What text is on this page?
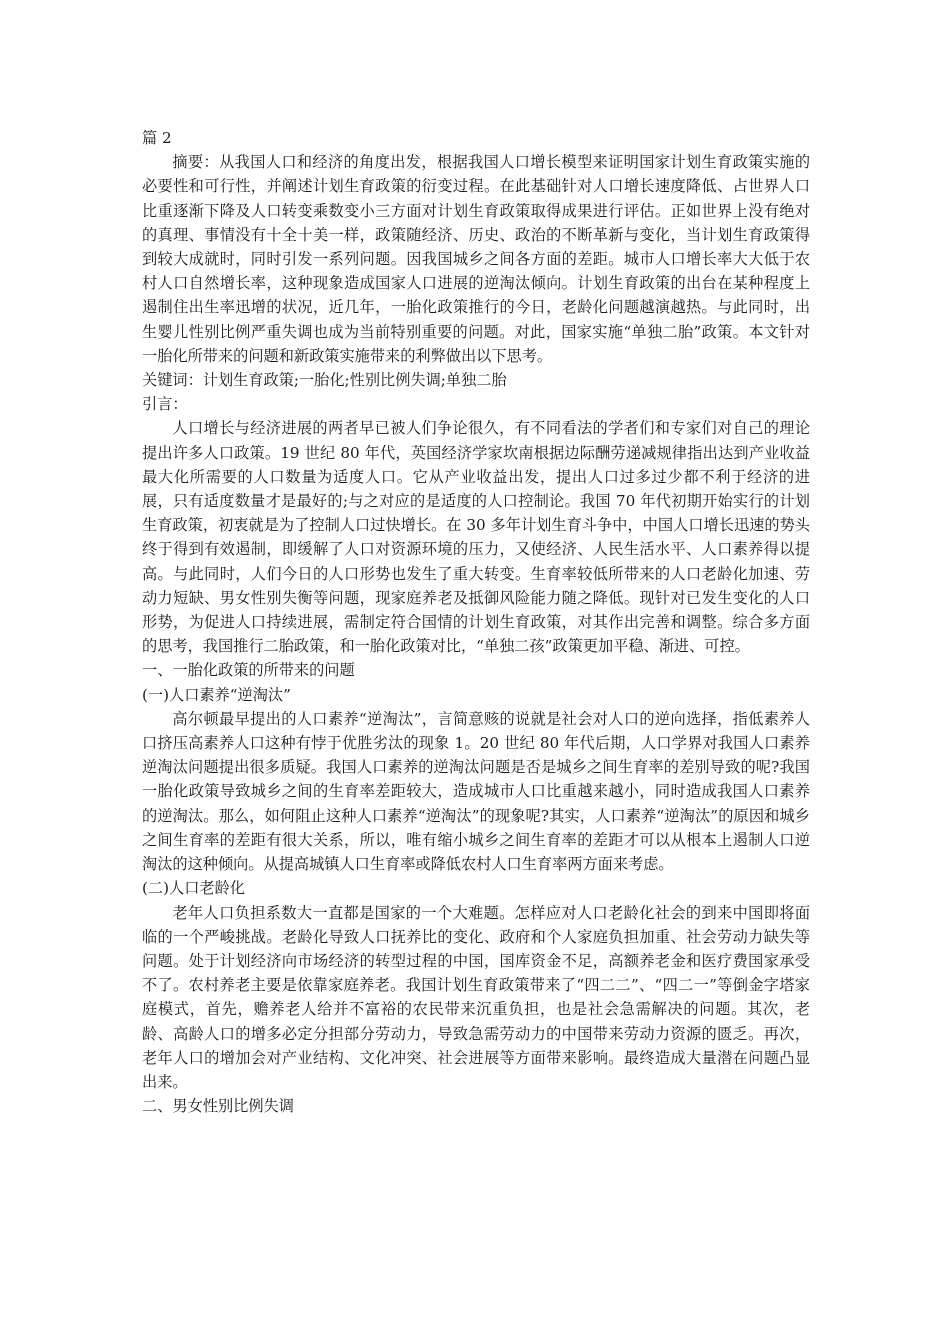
篇 2

摘要：从我国人口和经济的角度出发，根据我国人口增长模型来证明国家计划生育政策实施的必要性和可行性，并阐述计划生育政策的衍变过程。在此基础针对人口增长速度降低、占世界人口比重逐渐下降及人口转变乘数变小三方面对计划生育政策取得成果进行评估。正如世界上没有绝对的真理、事情没有十全十美一样，政策随经济、历史、政治的不断革新与变化，当计划生育政策得到较大成就时，同时引发一系列问题。因我国城乡之间各方面的差距。城市人口增长率大大低于农村人口自然增长率，这种现象造成国家人口进展的逆淘汰倾向。计划生育政策的出台在某种程度上遏制住出生率迅增的状况，近几年，一胎化政策推行的今日，老龄化问题越演越热。与此同时，出生婴儿性别比例严重失调也成为当前特别重要的问题。对此，国家实施“单独二胎”政策。本文针对一胎化所带来的问题和新政策实施带来的利弊做出以下思考。

关键词：计划生育政策;一胎化;性别比例失调;单独二胎

引言：

人口增长与经济进展的两者早已被人们争论很久，有不同看法的学者们和专家们对自己的理论提出许多人口政策。19 世纪 80 年代，英国经济学家坎南根据边际酬劳递减规律指出达到产业收益最大化所需要的人口数量为适度人口。它从产业收益出发，提出人口过多过少都不利于经济的进展，只有适度数量才是最好的;与之对应的是适度的人口控制论。我国 70 年代初期开始实行的计划生育政策，初衷就是为了控制人口过快增长。在 30 多年计划生育斗争中，中国人口增长迅速的势头终于得到有效遏制，即缓解了人口对资源环境的压力，又使经济、人民生活水平、人口素养得以提高。与此同时，人们今日的人口形势也发生了重大转变。生育率较低所带来的人口老龄化加速、劳动力短缺、男女性别失衡等问题，现家庭养老及抵御风险能力随之降低。现针对已发生变化的人口形势，为促进人口持续进展，需制定符合国情的计划生育政策，对其作出完善和调整。综合多方面的思考，我国推行二胎政策，和一胎化政策对比，“单独二孩”政策更加平稳、渐进、可控。

一、一胎化政策的所带来的问题

(一)人口素养“逆淘汰”

高尔顿最早提出的人口素养“逆淘汰”，言简意赅的说就是社会对人口的逆向选择，指低素养人口挤压高素养人口这种有悖于优胜劣汰的现象 1。20 世纪 80 年代后期，人口学界对我国人口素养逆淘汰问题提出很多质疑。我国人口素养的逆淘汰问题是否是城乡之间生育率的差别导致的呢?我国一胎化政策导致城乡之间的生育率差距较大，造成城市人口比重越来越小，同时造成我国人口素养的逆淘汰。那么，如何阻止这种人口素养“逆淘汰”的现象呢?其实，人口素养“逆淘汰”的原因和城乡之间生育率的差距有很大关系，所以，唯有缩小城乡之间生育率的差距才可以从根本上遏制人口逆淘汰的这种倾向。从提高城镇人口生育率或降低农村人口生育率两方面来考虑。

(二)人口老龄化

老年人口负担系数大一直都是国家的一个大难题。怎样应对人口老龄化社会的到来中国即将面临的一个严峻挑战。老龄化导致人口抚养比的变化、政府和个人家庭负担加重、社会劳动力缺失等问题。处于计划经济向市场经济的转型过程的中国，国库资金不足，高额养老金和医疗费国家承受不了。农村养老主要是依靠家庭养老。我国计划生育政策带来了“四二二”、“四二一”等倒金字塔家庭模式，首先，赡养老人给并不富裕的农民带来沉重负担，也是社会急需解决的问题。其次，老龄、高龄人口的增多必定分担部分劳动力，导致急需劳动力的中国带来劳动力资源的匮乏。再次，老年人口的增加会对产业结构、文化冲突、社会进展等方面带来影响。最终造成大量潜在问题凸显出来。

二、男女性别比例失调
